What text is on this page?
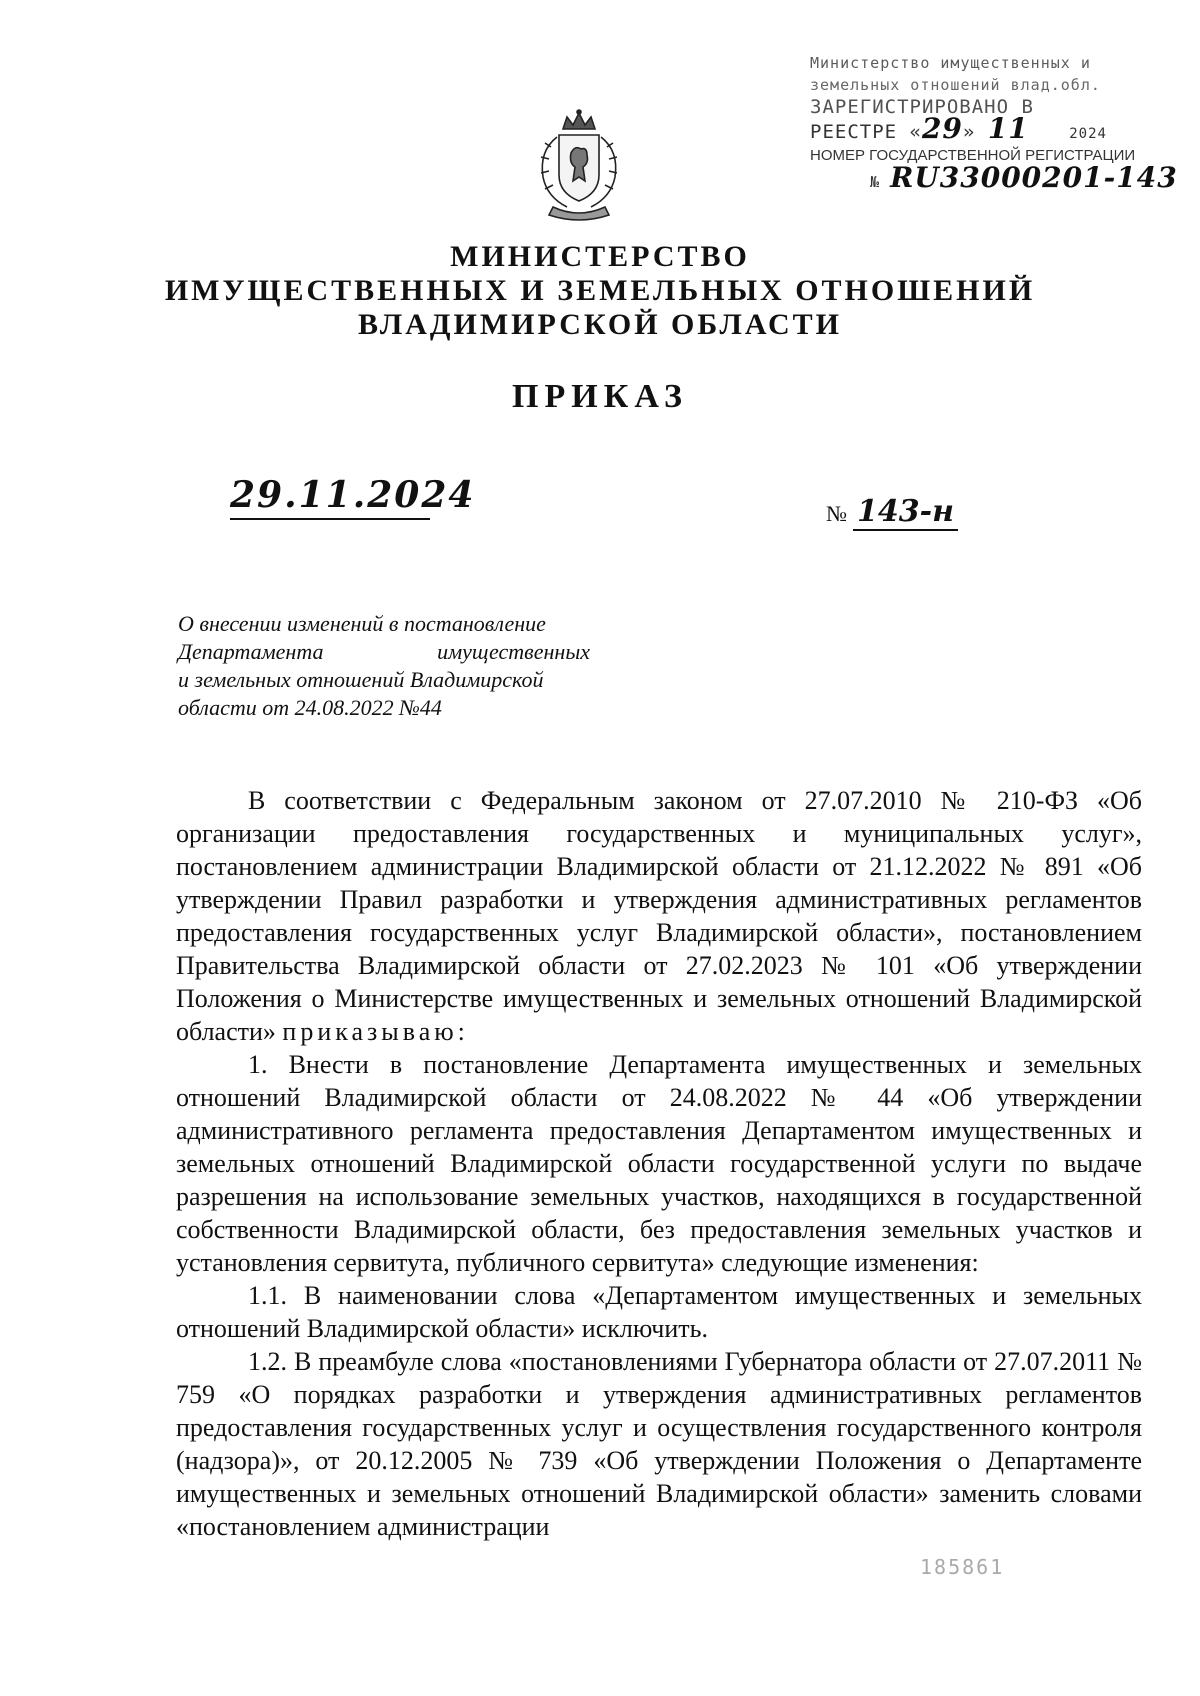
Министерство имущественных и
земельных отношений влад.обл.
ЗАРЕГИСТРИРОВАНО В
РЕЕСТРЕ «29» 11	2024
НОМЕР ГОСУДАРСТВЕННОЙ РЕГИСТРАЦИИ
№ RU33000201-143
МИНИСТЕРСТВО
ИМУЩЕСТВЕННЫХ И ЗЕМЕЛЬНЫХ ОТНОШЕНИЙ
ВЛАДИМИРСКОЙ ОБЛАСТИ
ПРИКАЗ
29.11.2024	№ 143-н
О внесении изменений в постановление
Департамента	имущественных
и земельных отношений Владимирской
области от 24.08.2022 №44

В соответствии с Федеральным законом от 27.07.2010 № 210-ФЗ «Об организации предоставления государственных и муниципальных услуг», постановлением администрации Владимирской области от 21.12.2022 № 891 «Об утверждении Правил разработки и утверждения административных регламентов предоставления государственных услуг Владимирской области», постановлением Правительства Владимирской области от 27.02.2023 № 101 «Об утверждении Положения о Министерстве имущественных и земельных отношений Владимирской области» приказываю:

1. Внести в постановление Департамента имущественных и земельных отношений Владимирской области от 24.08.2022 № 44 «Об утверждении административного регламента предоставления Департаментом имущественных и земельных отношений Владимирской области государственной услуги по выдаче разрешения на использование земельных участков, находящихся в государственной собственности Владимирской области, без предоставления земельных участков и установления сервитута, публичного сервитута» следующие изменения:

1.1. В наименовании слова «Департаментом имущественных и земельных отношений Владимирской области» исключить.

1.2. В преамбуле слова «постановлениями Губернатора области от 27.07.2011 № 759 «О порядках разработки и утверждения административных регламентов предоставления государственных услуг и осуществления государственного контроля (надзора)», от 20.12.2005 № 739 «Об утверждении Положения о Департаменте имущественных и земельных отношений Владимирской области» заменить словами «постановлением администрации

185861
